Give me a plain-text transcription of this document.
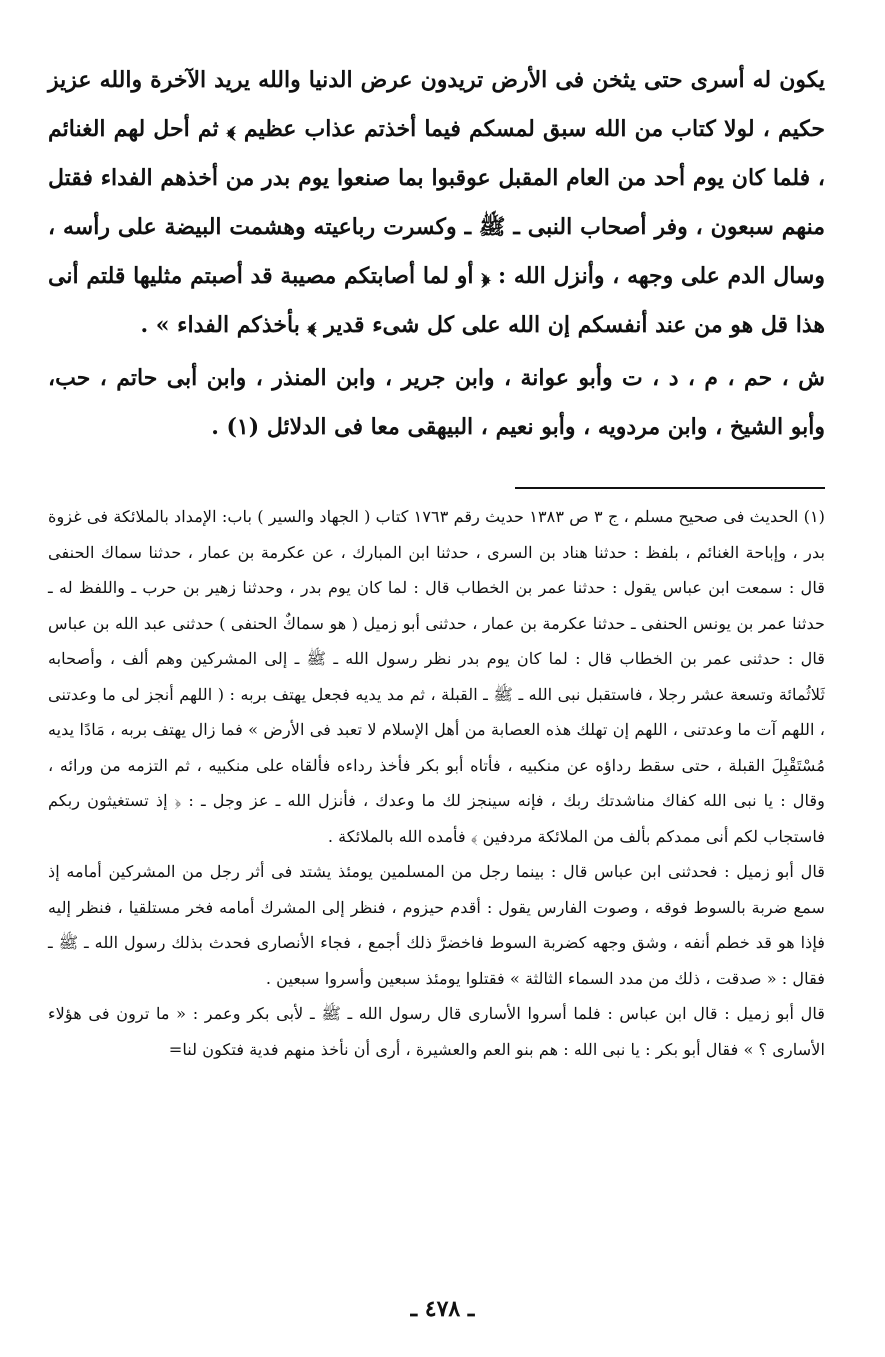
يكون له أسرى حتى يثخن فى الأرض تريدون عرض الدنيا والله يريد الآخرة والله عزيز حكيم ، لولا كتاب من الله سبق لمسكم فيما أخذتم عذاب عظيم ﴾ ثم أحل لهم الغنائم ، فلما كان يوم أحد من العام المقبل عوقبوا بما صنعوا يوم بدر من أخذهم الفداء فقتل منهم سبعون ، وفر أصحاب النبى ـ ﷺ ـ وكسرت رباعيته وهشمت البيضة على رأسه ، وسال الدم على وجهه ، وأنزل الله : ﴿ أو لما أصابتكم مصيبة قد أصبتم مثليها قلتم أنى هذا قل هو من عند أنفسكم إن الله على كل شىء قدير ﴾ بأخذكم الفداء » .

ش ، حم ، م ، د ، ت وأبو عوانة ، وابن جرير ، وابن المنذر ، وابن أبى حاتم ، حب، وأبو الشيخ ، وابن مردويه ، وأبو نعيم ، البيهقى معا فى الدلائل (١) .

(١) الحديث فى صحيح مسلم ، ج ٣ ص ١٣٨٣ حديث رقم ١٧٦٣ كتاب ( الجهاد والسير ) باب: الإمداد بالملائكة فى غزوة بدر ، وإباحة الغنائم ، بلفظ : حدثنا هناد بن السرى ، حدثنا ابن المبارك ، عن عكرمة بن عمار ، حدثنا سماك الحنفى قال : سمعت ابن عباس يقول : حدثنا عمر بن الخطاب قال : لما كان يوم بدر ، وحدثنا زهير بن حرب ـ واللفظ له ـ حدثنا عمر بن يونس الحنفى ـ حدثنا عكرمة بن عمار ، حدثنى أبو زميل ( هو سماكٌ الحنفى ) حدثنى عبد الله بن عباس قال : حدثنى عمر بن الخطاب قال : لما كان يوم بدر نظر رسول الله ـ ﷺ ـ إلى المشركين وهم ألف ، وأصحابه ثَلاثُمائة وتسعة عشر رجلا ، فاستقبل نبى الله ـ ﷺ ـ القبلة ، ثم مد يديه فجعل يهتف بربه : ( اللهم أنجز لى ما وعدتنى ، اللهم آت ما وعدتنى ، اللهم إن تهلك هذه العصابة من أهل الإسلام لا تعبد فى الأرض » فما زال يهتف بربه ، مَادًا يديه مُسْتَقْبِلَ القبلة ، حتى سقط رداؤه عن منكبيه ، فأتاه أبو بكر فأخذ رداءه فألقاه على منكبيه ، ثم التزمه من ورائه ، وقال : يا نبى الله كفاك مناشدتك ربك ، فإنه سينجز لك ما وعدك ، فأنزل الله ـ عز وجل ـ : ﴿ إذ تستغيثون ربكم فاستجاب لكم أنى ممدكم بألف من الملائكة مردفين ﴾ فأمده الله بالملائكة .

قال أبو زميل : فحدثنى ابن عباس قال : بينما رجل من المسلمين يومئذ يشتد فى أثر رجل من المشركين أمامه إذ سمع ضربة بالسوط فوقه ، وصوت الفارس يقول : أقدم حيزوم ، فنظر إلى المشرك أمامه فخر مستلقيا ، فنظر إليه فإذا هو قد خطم أنفه ، وشق وجهه كضربة السوط فاخضرَّ ذلك أجمع ، فجاء الأنصارى فحدث بذلك رسول الله ـ ﷺ ـ فقال : « صدقت ، ذلك من مدد السماء الثالثة » فقتلوا يومئذ سبعين وأسروا سبعين .

قال أبو زميل : قال ابن عباس : فلما أسروا الأسارى قال رسول الله ـ ﷺ ـ لأبى بكر وعمر : « ما ترون فى هؤلاء الأسارى ؟ » فقال أبو بكر : يا نبى الله : هم بنو العم والعشيرة ، أرى أن نأخذ منهم فدية فتكون لنا=

ـ ٤٧٨ ـ
